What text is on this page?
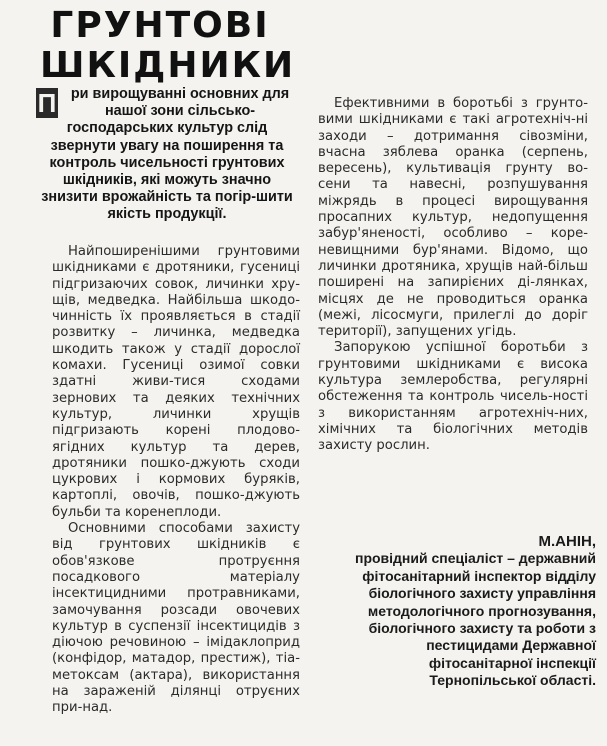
ГРУНТОВІ
ШКІДНИКИ
П ри вирощуванні основних для нашої зони сільсько-господарських культур слід звернути увагу на поширення та контроль чисельності грунтових шкідників, які можуть значно знизити врожайність та погір-шити якість продукції.

Найпоширенішими грунтовими шкідниками є дротяники, гусениці підгризаючих совок, личинки хру-щів, медведка. Найбільша шкодо-чинність їх проявляється в стадії розвитку – личинка, медведка шкодить також у стадії дорослої комахи. Гусениці озимої совки здатні живи-тися сходами зернових та деяких технічних культур, личинки хрущів підгризають корені плодово-ягідних культур та дерев, дротяники пошко-джують сходи цукрових і кормових буряків, картоплі, овочів, пошко-джують бульби та коренеплоди.

Основними способами захисту від грунтових шкідників є обов'язкове протруєння посадкового матеріалу інсектицидними протравниками, замочування розсади овочевих культур в суспензії інсектицидів з діючою речовиною – імідаклоприд (конфідор, матадор, престиж), тіа-метоксам (актара), використання на зараженій ділянці отруєних при-над.

Ефективними в боротьбі з грунто-вими шкідниками є такі агротехніч-ні заходи – дотримання сівозміни, вчасна зяблева оранка (серпень, вересень), культивація грунту во-сени та навесні, розпушування міжрядь в процесі вирощування просапних культур, недопущення забур'яненості, особливо – коре-невищними бур'янами. Відомо, що личинки дротяника, хрущів най-більш поширені на запирієних ді-лянках, місцях де не проводиться оранка (межі, лісосмуги, прилеглі до доріг території), запущених угідь.

Запорукою успішної боротьби з грунтовими шкідниками є висока культура землеробства, регулярні обстеження та контроль чисель-ності з використанням агротехніч-них, хімічних та біологічних методів захисту рослин.

М.АНІН,
провідний спеціаліст – державний фітосанітарний інспектор відділу біологічного захисту управління методологічного прогнозування, біологічного захисту та роботи з пестицидами Державної фітосанітарної інспекції Тернопільської області.
